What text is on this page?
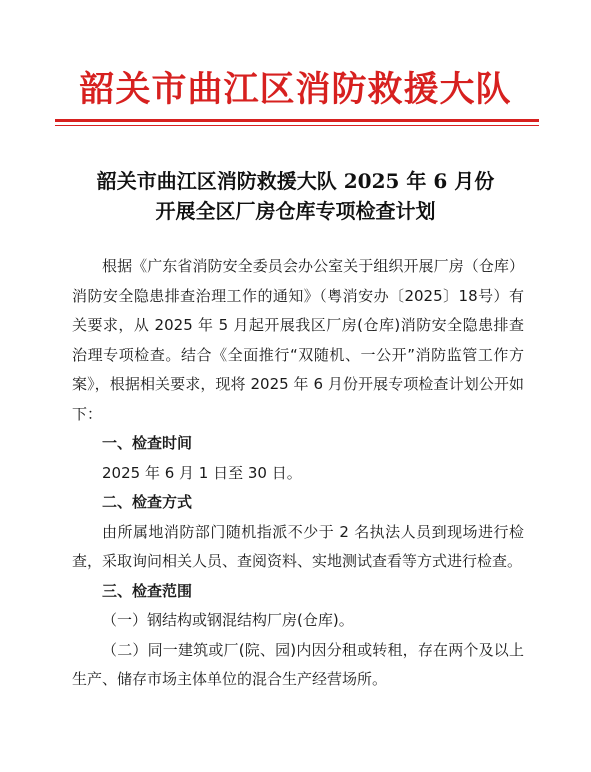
韶关市曲江区消防救援大队
韶关市曲江区消防救援大队 2025 年 6 月份
开展全区厂房仓库专项检查计划

根据《广东省消防安全委员会办公室关于组织开展厂房（仓库）消防安全隐患排查治理工作的通知》（粤消安办〔2025〕18号）有关要求，从 2025 年 5 月起开展我区厂房(仓库)消防安全隐患排查治理专项检查。结合《全面推行“双随机、一公开”消防监管工作方案》，根据相关要求，现将 2025 年 6 月份开展专项检查计划公开如下：

一、检查时间

2025 年 6 月 1 日至 30 日。

二、检查方式

由所属地消防部门随机指派不少于 2 名执法人员到现场进行检查，采取询问相关人员、查阅资料、实地测试查看等方式进行检查。

三、检查范围

（一）钢结构或钢混结构厂房(仓库)。

（二）同一建筑或厂(院、园)内因分租或转租，存在两个及以上生产、储存市场主体单位的混合生产经营场所。
